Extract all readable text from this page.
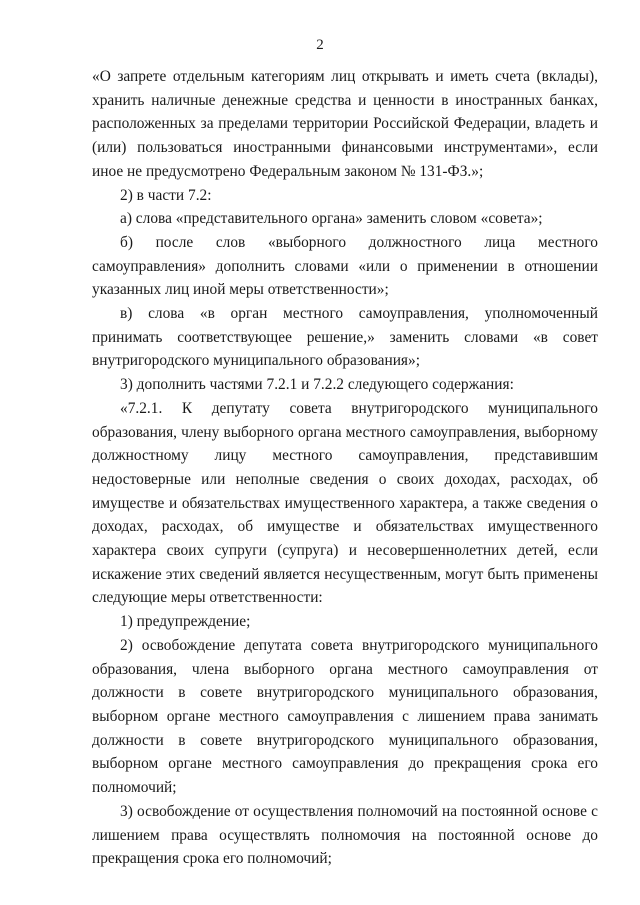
2

«О запрете отдельным категориям лиц открывать и иметь счета (вклады), хранить наличные денежные средства и ценности в иностранных банках, расположенных за пределами территории Российской Федерации, владеть и (или) пользоваться иностранными финансовыми инструментами», если иное не предусмотрено Федеральным законом № 131-ФЗ.»;

2) в части 7.2:

а) слова «представительного органа» заменить словом «совета»;

б) после слов «выборного должностного лица местного самоуправления» дополнить словами «или о применении в отношении указанных лиц иной меры ответственности»;

в) слова «в орган местного самоуправления, уполномоченный принимать соответствующее решение,» заменить словами «в совет внутригородского муниципального образования»;

3) дополнить частями 7.2.1 и 7.2.2 следующего содержания:

«7.2.1. К депутату совета внутригородского муниципального образования, члену выборного органа местного самоуправления, выборному должностному лицу местного самоуправления, представившим недостоверные или неполные сведения о своих доходах, расходах, об имуществе и обязательствах имущественного характера, а также сведения о доходах, расходах, об имуществе и обязательствах имущественного характера своих супруги (супруга) и несовершеннолетних детей, если искажение этих сведений является несущественным, могут быть применены следующие меры ответственности:

1) предупреждение;

2) освобождение депутата совета внутригородского муниципального образования, члена выборного органа местного самоуправления от должности в совете внутригородского муниципального образования, выборном органе местного самоуправления с лишением права занимать должности в совете внутригородского муниципального образования, выборном органе местного самоуправления до прекращения срока его полномочий;

3) освобождение от осуществления полномочий на постоянной основе с лишением права осуществлять полномочия на постоянной основе до прекращения срока его полномочий;
